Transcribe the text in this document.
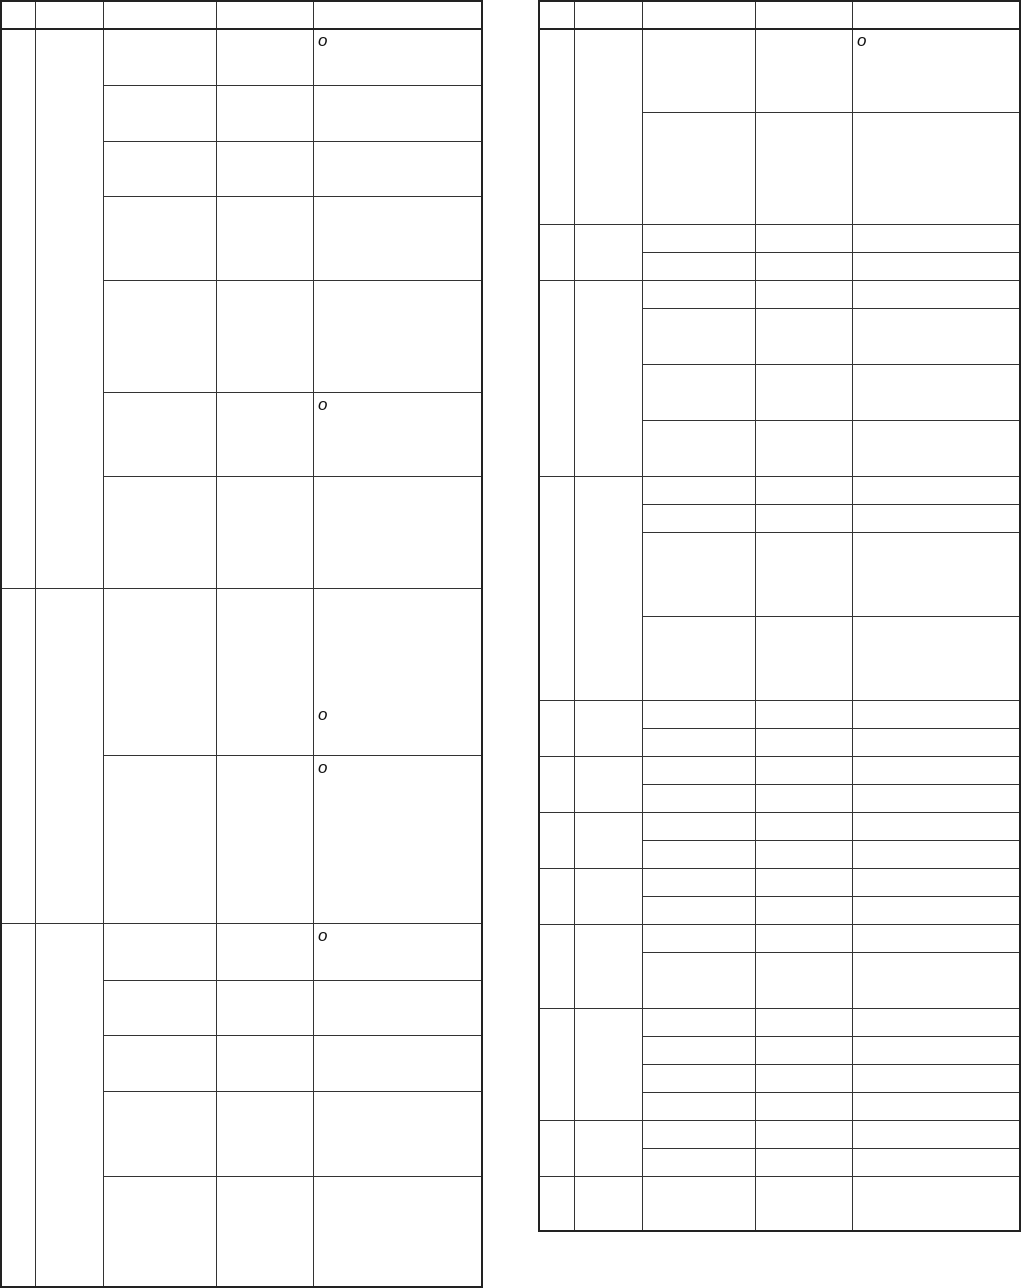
o
o
o
o
o
o
